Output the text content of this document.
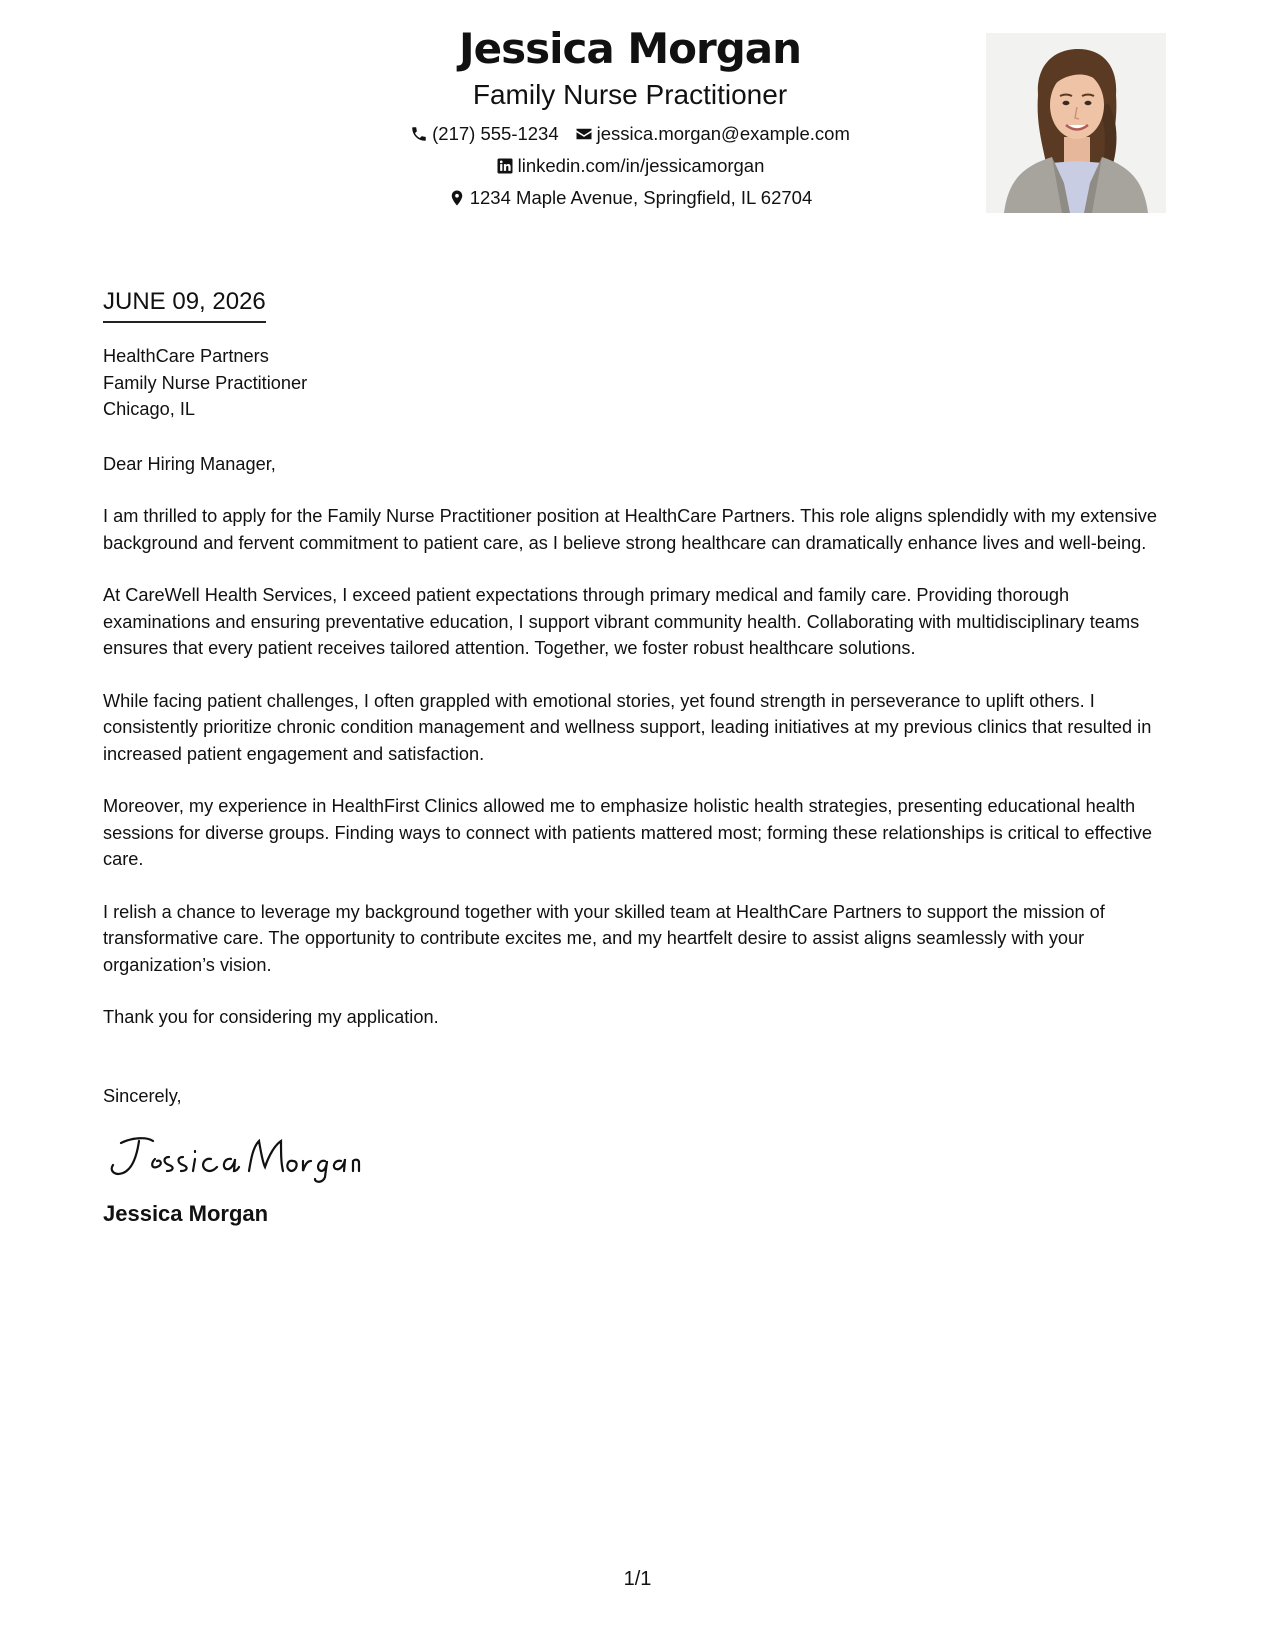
Jessica Morgan
Family Nurse Practitioner
(217) 555-1234 jessica.morgan@example.com
linkedin.com/in/jessicamorgan
1234 Maple Avenue, Springfield, IL 62704
JUNE 09, 2026
HealthCare Partners
Family Nurse Practitioner
Chicago, IL

Dear Hiring Manager,

I am thrilled to apply for the Family Nurse Practitioner position at HealthCare Partners. This role aligns splendidly with my extensive background and fervent commitment to patient care, as I believe strong healthcare can dramatically enhance lives and well-being.

At CareWell Health Services, I exceed patient expectations through primary medical and family care. Providing thorough examinations and ensuring preventative education, I support vibrant community health. Collaborating with multidisciplinary teams ensures that every patient receives tailored attention. Together, we foster robust healthcare solutions.

While facing patient challenges, I often grappled with emotional stories, yet found strength in perseverance to uplift others. I consistently prioritize chronic condition management and wellness support, leading initiatives at my previous clinics that resulted in increased patient engagement and satisfaction.

Moreover, my experience in HealthFirst Clinics allowed me to emphasize holistic health strategies, presenting educational health sessions for diverse groups. Finding ways to connect with patients mattered most; forming these relationships is critical to effective care.

I relish a chance to leverage my background together with your skilled team at HealthCare Partners to support the mission of transformative care. The opportunity to contribute excites me, and my heartfelt desire to assist aligns seamlessly with your organization’s vision.

Thank you for considering my application.

Sincerely,

Jessica Morgan
1/1
